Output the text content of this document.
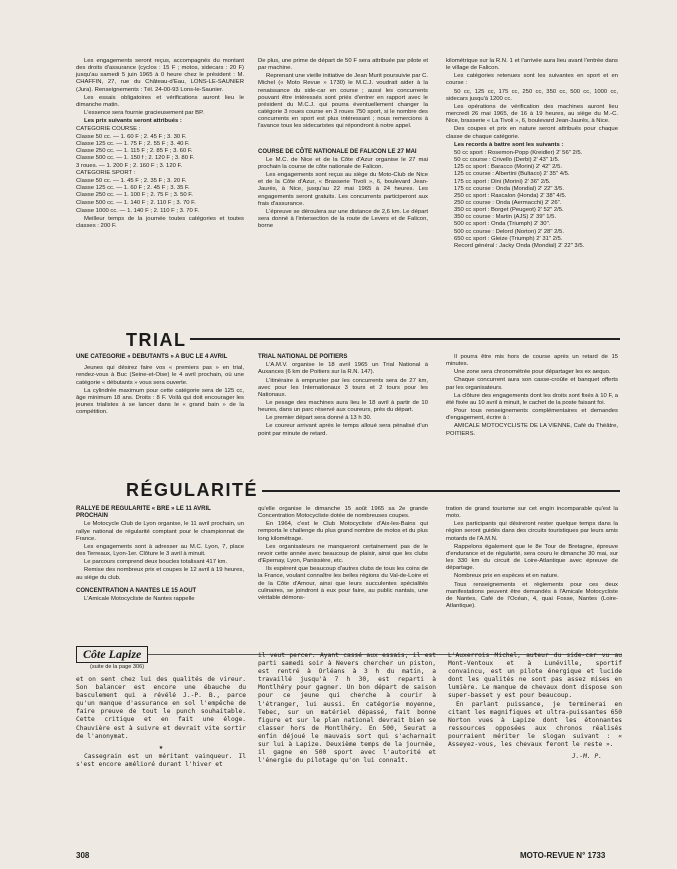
Les engagements seront reçus, accompagnés du montant des droits d'assurance (cyclos : 15 F ; motos, sidecars : 20 F) jusqu'au samedi 5 juin 1965 à 0 heure chez le président : M. CHAFFIN, 27, rue du Château-d'Eau, LONS-LE-SAUNIER (Jura). Renseignements : Tél. 24-00-93 Lons-le-Saunier.

Les essais obligatoires et vérifications auront lieu le dimanche matin.

L'essence sera fournie gracieusement par BP.

Les prix suivants seront attribués :

CATEGORIE COURSE :

Classe 50 cc. — 1. 60 F ; 2. 45 F ; 3. 30 F.

Classe 125 cc. — 1. 75 F ; 2. 55 F ; 3. 40 F.

Classe 250 cc. — 1. 115 F ; 2. 85 F ; 3. 60 F.

Classe 500 cc. — 1. 150 f ; 2. 120 F ; 3. 80 F.

3 roues. — 1. 200 F ; 2. 160 F ; 3. 120 F.

CATEGORIE SPORT :

Classe 50 cc. — 1. 45 F ; 2. 35 F ; 3. 20 F.

Classe 125 cc. — 1. 60 F ; 2. 45 F ; 3. 35 F.

Classe 250 cc. — 1. 100 F ; 2. 75 F ; 3. 50 F.

Classe 500 cc. — 1. 140 F ; 2. 110 F ; 3. 70 F.

Classe 1000 cc. — 1. 140 F ; 2. 110 F ; 3. 70 F.

Meilleur temps de la journée toutes catégories et toutes classes : 200 F.

De plus, une prime de départ de 50 F sera attribuée par pilote et par machine.

Reprenant une vieille initiative de Jean Murit poursuivie par C. Michel (« Moto Revue » 1730) le M.C.J. voudrait aider à la renaissance du side-car en course ; aussi les concurrents pouvant être intéressés sont priés d'entrer en rapport avec le président du M.C.J. qui pourra éventuellement changer la catégorie 3 roues course en 3 roues 750 sport, si le nombre des concurrents en sport est plus intéressant ; nous remercions à l'avance tous les sidecaristes qui répondront à notre appel.

COURSE DE CÔTE NATIONALE DE FALICON LE 27 MAI

Le M.C. de Nice et de la Côte d'Azur organise le 27 mai prochain la course de côte nationale de Falicon.

Les engagements sont reçus au siège du Moto-Club de Nice et de la Côte d'Azur, « Brasserie Tivoli », 6, boulevard Jean-Jaurès, à Nice, jusqu'au 22 mai 1965 à 24 heures. Les engagements seront gratuits. Les concurrents participeront aux frais d'assurance.

L'épreuve se déroulera sur une distance de 2,6 km. Le départ sera donné à l'intersection de la route de Levers et de Falicon, borne

kilométrique sur la R.N. 1 et l'arrivée aura lieu avant l'entrée dans le village de Falicon.

Les catégories retenues sont les suivantes en sport et en course :

50 cc, 125 cc, 175 cc, 250 cc, 350 cc, 500 cc, 1000 cc, sidecars jusqu'à 1200 cc.

Les opérations de vérification des machines auront lieu mercredi 26 mai 1965, de 16 à 19 heures, au siège du M.-C. Nice, brasserie « La Tivoli », 6, boulevard Jean-Jaurès, à Nice.

Des coupes et prix en nature seront attribués pour chaque classe de chaque catégorie.

Les records à battre sont les suivants :

50 cc sport : Rosemon-Popp (Kreidler) 2' 56" 2/5.
50 cc course : Crivello (Derbi) 2' 43" 1/5.
125 cc sport : Baracco (Morini) 2' 42" 2/5.
125 cc course : Albertini (Bultaco) 2' 35" 4/5.
175 cc sport : Dini (Morini) 2' 36" 2/5.
175 cc course : Onda (Mondial) 2' 22" 3/5.
250 cc sport : Rascalon (Honda) 2' 38" 4/5.
250 cc course : Onda (Aermacchi) 2' 26".
350 cc sport : Borget (Peugeot) 2' 52" 2/5.
350 cc course : Martin (AJS) 2' 39" 1/5.
500 cc sport : Onda (Triumph) 2' 30".
500 cc course : Delord (Norton) 2' 28" 2/5.
650 cc sport : Gleize (Triumph) 2' 31" 2/5.
Record général : Jacky Onda (Mondial) 2' 22" 3/5.
TRIAL
UNE CATEGORIE « DEBUTANTS » A BUC LE 4 AVRIL

Jeunes qui désirez faire vos « premiers pas » en trial, rendez-vous à Buc (Seine-et-Oise) le 4 avril prochain, où une catégorie « débutants » vous sera ouverte.

La cylindrée maximum pour cette catégorie sera de 125 cc, âge minimum 18 ans. Droits : 8 F. Voilà qui doit encourager les jeunes trialistes à se lancer dans le « grand bain » de la compétition.

TRIAL NATIONAL DE POITIERS

L'A.M.V. organise le 18 avril 1965 un Trial National à Auxances (6 km de Poitiers sur la R.N. 147).

L'itinéraire à emprunter par les concurrents sera de 27 km, avec pour les Internationaux 3 tours et 2 tours pour les Nationaux.

Le pesage des machines aura lieu le 18 avril à partir de 10 heures, dans un parc réservé aux coureurs, près du départ.

Le premier départ sera donné à 13 h 30.

Le coureur arrivant après le temps alloué sera pénalisé d'un point par minute de retard.

Il pourra être mis hors de course après un retard de 15 minutes.

Une zone sera chronométrée pour départager les ex aequo.

Chaque concurrent aura son casse-croûte et banquet offerts par les organisateurs.

La clôture des engagements dont les droits sont fixés à 10 F, a été fixée au 10 avril à minuit, le cachet de la poste faisant foi.

Pour tous renseignements complémentaires et demandes d'engagement, écrire à :

AMICALE MOTOCYCLISTE DE LA VIENNE, Café du Théâtre, POITIERS.

RÉGULARITÉ
RALLYE DE REGULARITE « BRE » LE 11 AVRIL PROCHAIN

Le Motocycle Club de Lyon organise, le 11 avril prochain, un rallye national de régularité comptant pour le championnat de France.

Les engagements sont à adresser au M.C. Lyon, 7, place des Terreaux, Lyon-1er. Clôture le 3 avril à minuit.

Le parcours comprend deux boucles totalisant 417 km.

Remise des nombreux prix et coupes le 12 avril à 19 heures, au siège du club.

CONCENTRATION A NANTES LE 15 AOUT

L'Amicale Motocycliste de Nantes rappelle

qu'elle organise le dimanche 15 août 1965 sa 2e grande Concentration Motocycliste dotée de nombreuses coupes.

En 1964, c'est le Club Motocycliste d'Aix-les-Bains qui remporta le challenge du plus grand nombre de motos et du plus long kilométrage.

Les organisateurs ne manqueront certainement pas de le revoir cette année avec beaucoup de plaisir, ainsi que les clubs d'Epernay, Lyon, Panissière, etc.

Ils espèrent que beaucoup d'autres clubs de tous les coins de la France, voulant connaître les belles régions du Val-de-Loire et de la Côte d'Amour, ainsi que leurs succulentes spécialités culinaires, se joindront à eux pour faire, au public nantais, une véritable démons-

tration de grand tourisme sur cet engin incomparable qu'est la moto.

Les participants qui désireront rester quelque temps dans la région seront guidés dans des circuits touristiques par leurs amis motards de l'A.M.N.

Rappelons également que le 8e Tour de Bretagne, épreuve d'endurance et de régularité, sera couru le dimanche 30 mai, sur les 330 km du circuit de Loire-Atlantique avec épreuve de départage.

Nombreux prix en espèces et en nature.

Tous renseignements et règlements pour ces deux manifestations peuvent être demandés à l'Amicale Motocycliste de Nantes, Café de l'Océan, 4, quai Fosse, Nantes (Loire-Atlantique).

Côte Lapize
(suite de la page 306)

et on sent chez lui des qualités de vireur. Son balancer est encore une ébauche du basculement qui a révélé J.-P. B., parce qu'un manque d'assurance en sol l'empêche de faire preuve de tout le punch souhaitable. Cette critique et en fait une éloge. Chauvière est à suivre et devrait vite sortir de l'anonymat.

★

Cassegrain est un méritant vainqueur. Il s'est encore amélioré durant l'hiver et

il veut percer. Ayant cassé aux essais, il est parti samedi soir à Nevers chercher un piston, est rentré à Orléans à 3 h du matin, a travaillé jusqu'à 7 h 30, est reparti à Montlhéry pour gagner. Un bon départ de saison pour ce jeune qui cherche à courir à l'étranger, lui aussi. En catégorie moyenne, Tebec, sur un matériel dépassé, fait bonne figure et sur le plan national devrait bien se classer hors de Montlhéry. En 500, Seurat a enfin déjoué le mauvais sort qui s'acharnait sur lui à Lapize. Deuxième temps de la journée, il gagne en 500 sport avec l'autorité et l'énergie du pilotage qu'on lui connaît.

L'Auxerrois Michel, auteur du side-car vu au Mont-Ventoux et à Lunéville, sportif convaincu, est un pilote énergique et lucide dont les qualités ne sont pas assez mises en lumière. Le manque de chevaux dont dispose son super-basset y est pour beaucoup.

En parlant puissance, je terminerai en citant les magnifiques et ultra-puissantes 650 Norton vues à Lapize dont les étonnantes ressources opposées aux chronos réalisés pourraient mériter le slogan suivant : « Asseyez-vous, les chevaux feront le reste ».

J.-M. P.
308	MOTO-REVUE N° 1733
